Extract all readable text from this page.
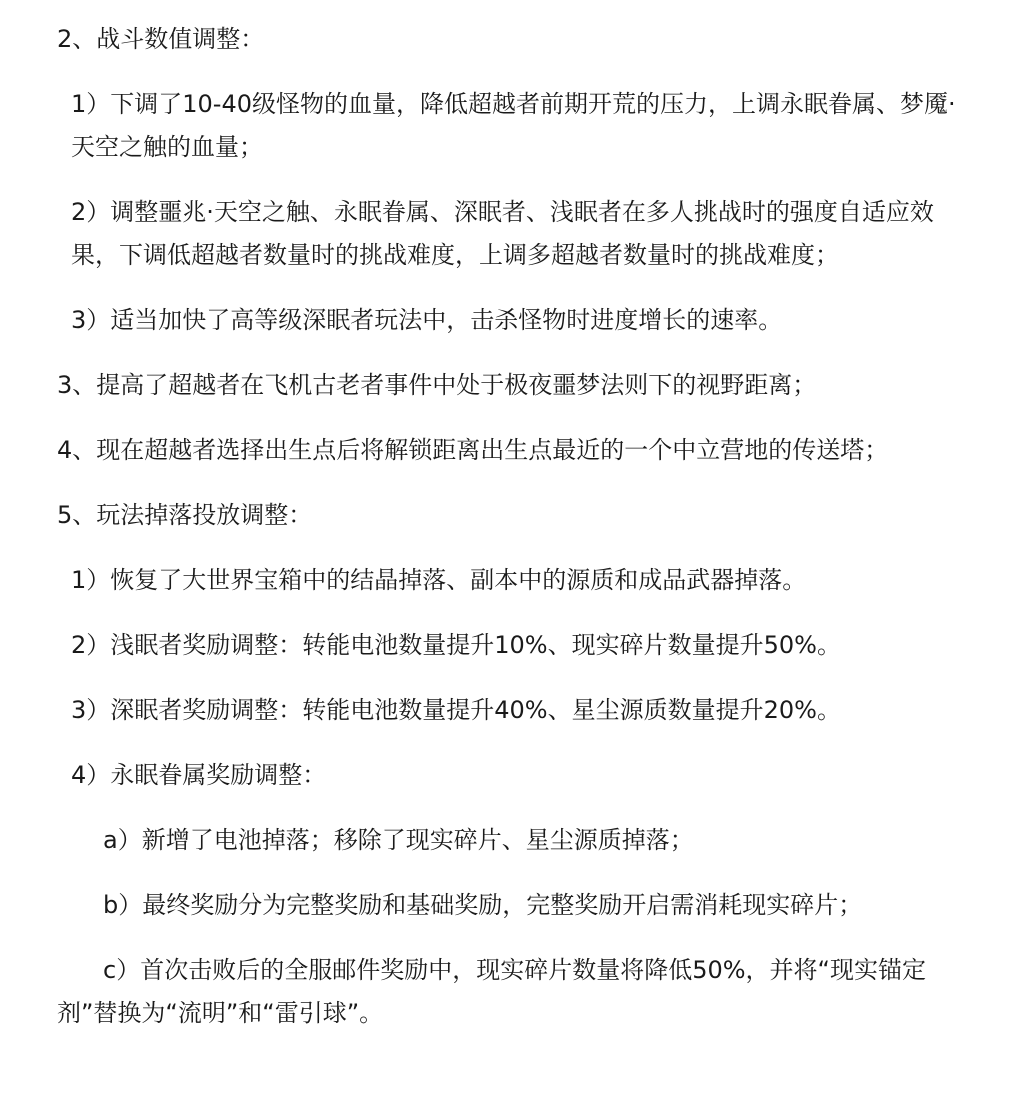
2、战斗数值调整：

1）下调了10-40级怪物的血量，降低超越者前期开荒的压力，上调永眠眷属、梦魇·天空之触的血量；

2）调整噩兆·天空之触、永眠眷属、深眠者、浅眠者在多人挑战时的强度自适应效果，下调低超越者数量时的挑战难度，上调多超越者数量时的挑战难度；

3）适当加快了高等级深眠者玩法中，击杀怪物时进度增长的速率。

3、提高了超越者在飞机古老者事件中处于极夜噩梦法则下的视野距离；

4、现在超越者选择出生点后将解锁距离出生点最近的一个中立营地的传送塔；

5、玩法掉落投放调整：

1）恢复了大世界宝箱中的结晶掉落、副本中的源质和成品武器掉落。

2）浅眠者奖励调整：转能电池数量提升10%、现实碎片数量提升50%。

3）深眠者奖励调整：转能电池数量提升40%、星尘源质数量提升20%。

4）永眠眷属奖励调整：

a）新增了电池掉落；移除了现实碎片、星尘源质掉落；

b）最终奖励分为完整奖励和基础奖励，完整奖励开启需消耗现实碎片；

c）首次击败后的全服邮件奖励中，现实碎片数量将降低50%，并将“现实锚定剂”替换为“流明”和“雷引球”。
